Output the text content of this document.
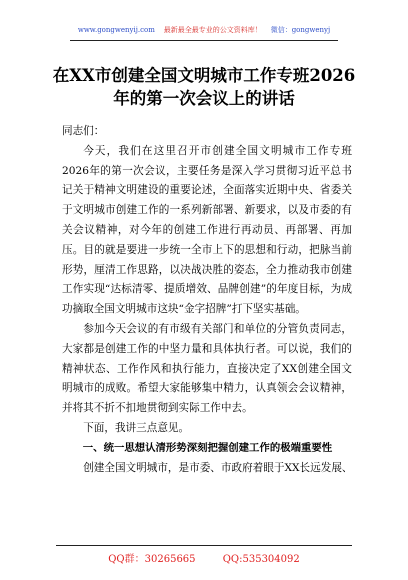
www.gongwenyij.com 最新最全最专业的公文资料库！ 微信：gongwenyj
在XX市创建全国文明城市工作专班2026
年的第一次会议上的讲话

同志们：

今天，我们在这里召开市创建全国文明城市工作专班2026年的第一次会议，主要任务是深入学习贯彻习近平总书记关于精神文明建设的重要论述，全面落实近期中央、省委关于文明城市创建工作的一系列新部署、新要求，以及市委的有关会议精神，对今年的创建工作进行再动员、再部署、再加压。目的就是要进一步统一全市上下的思想和行动，把脉当前形势，厘清工作思路，以决战决胜的姿态，全力推动我市创建工作实现“达标清零、提质增效、品牌创建”的年度目标，为成功摘取全国文明城市这块“金字招牌”打下坚实基础。

参加今天会议的有市级有关部门和单位的分管负责同志，大家都是创建工作的中坚力量和具体执行者。可以说，我们的精神状态、工作作风和执行能力，直接决定了XX创建全国文明城市的成败。希望大家能够集中精力，认真领会会议精神，并将其不折不扣地贯彻到实际工作中去。

下面，我讲三点意见。

一、统一思想认清形势深刻把握创建工作的极端重要性

创建全国文明城市，是市委、市政府着眼于XX长远发展、

QQ群：30265665	QQ:535304092
